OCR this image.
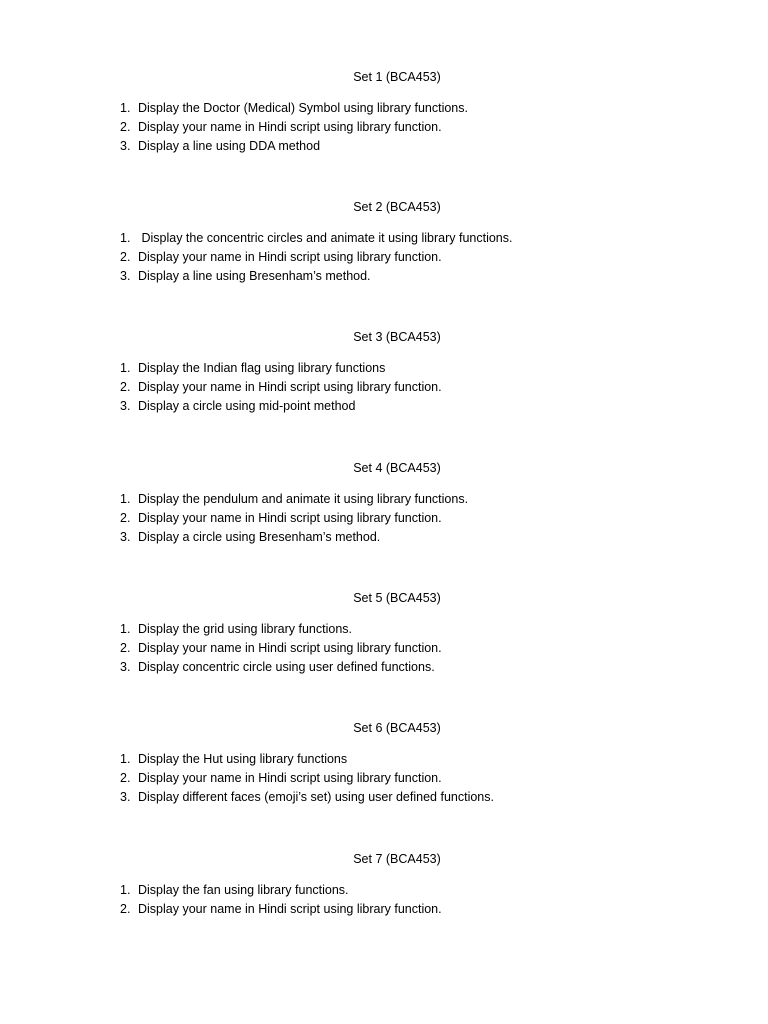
Set 1 (BCA453)
1. Display the Doctor (Medical) Symbol using library functions.
2. Display your name in Hindi script using library function.
3. Display a line using DDA method
Set 2 (BCA453)
1. Display the concentric circles and animate it using library functions.
2. Display your name in Hindi script using library function.
3. Display a line using Bresenham’s method.
Set 3 (BCA453)
1. Display the Indian flag using library functions
2. Display your name in Hindi script using library function.
3. Display a circle using mid-point method
Set 4 (BCA453)
1. Display the pendulum and animate it using library functions.
2. Display your name in Hindi script using library function.
3. Display a circle using Bresenham’s method.
Set 5 (BCA453)
1. Display the grid using library functions.
2. Display your name in Hindi script using library function.
3. Display concentric circle using user defined functions.
Set 6 (BCA453)
1. Display the Hut using library functions
2. Display your name in Hindi script using library function.
3. Display different faces (emoji’s set) using user defined functions.
Set 7 (BCA453)
1. Display the fan using library functions.
2. Display your name in Hindi script using library function.
